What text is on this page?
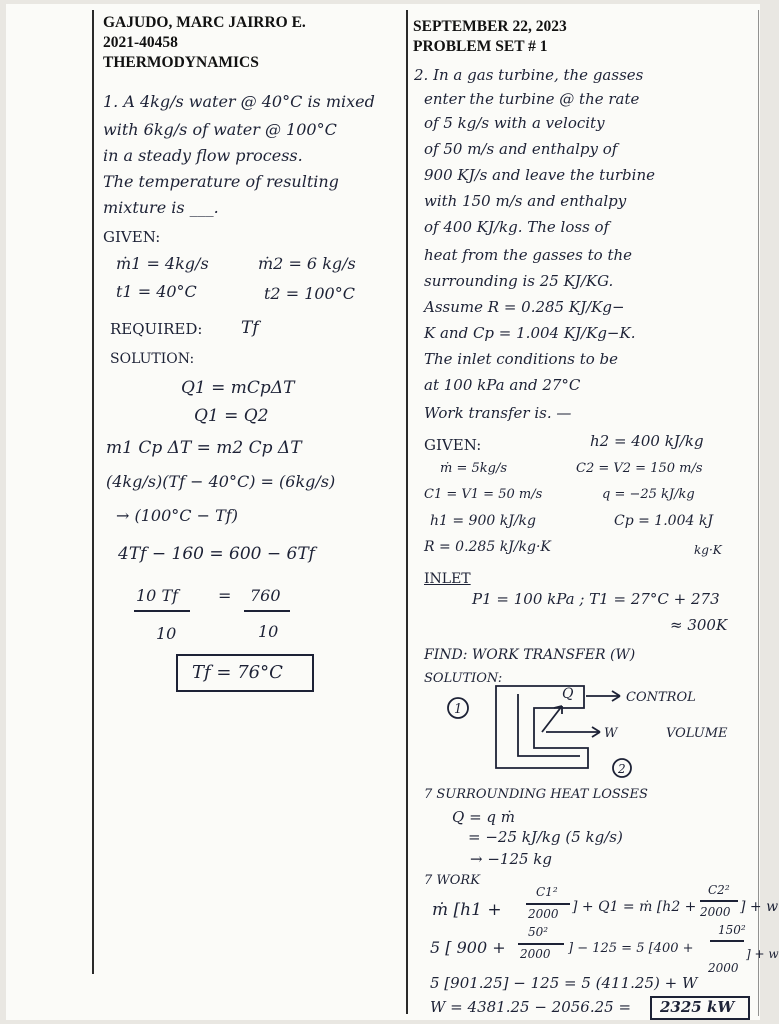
GAJUDO, MARC JAIRRO E.
2021-40458
THERMODYNAMICS
SEPTEMBER 22, 2023
PROBLEM SET # 1
1. A 4kg/s water @ 40°C is mixed
with 6kg/s of water @ 100°C
in a steady flow process.
The temperature of resulting
mixture is ___.
GIVEN:
ṁ1 = 4kg/s	ṁ2 = 6 kg/s
t1 = 40°C	t2 = 100°C
REQUIRED: Tf
SOLUTION:
Q1 = mCpΔT
Q1 = Q2
m1 Cp ΔT = m2 Cp ΔT
(4kg/s)(Tf − 40°C) = (6kg/s)
→ (100°C − Tf)
4Tf − 160 = 600 − 6Tf
10 Tf
10
= 760
10
Tf = 76°C
2. In a gas turbine, the gasses
enter the turbine @ the rate
of 5 kg/s with a velocity
of 50 m/s and enthalpy of
900 KJ/s and leave the turbine
with 150 m/s and enthalpy
of 400 KJ/kg. The loss of
heat from the gasses to the
surrounding is 25 KJ/KG.
Assume R = 0.285 KJ/Kg−
K and Cp = 1.004 KJ/Kg−K.
The inlet conditions to be
at 100 kPa and 27°C
Work transfer is. —
GIVEN:	h2 = 400 kJ/kg
ṁ = 5kg/s	C2 = V2 = 150 m/s
C1 = V1 = 50 m/s	q = −25 kJ/kg
h1 = 900 kJ/kg	Cp = 1.004 kJ
R = 0.285 kJ/kg·K	kg·K
INLET
P1 = 100 kPa ; T1 = 27°C + 273
≈ 300K
FIND: WORK TRANSFER (W)
SOLUTION:
1
Q
W
2
CONTROL
VOLUME
7 SURROUNDING HEAT LOSSES
Q = q ṁ
= −25 kJ/kg (5 kg/s)
→ −125 kg
7 WORK
ṁ [h1 +
C1²
2000 ] + Q1 = ṁ [h2 +
C2²
2000 ] + w
5 [ 900 +
50²
2000 ] − 125 = 5 [400 +
150²
2000
] + w
5 [901.25] − 125 = 5 (411.25) + W
W = 4381.25 − 2056.25 = 2325 kW
